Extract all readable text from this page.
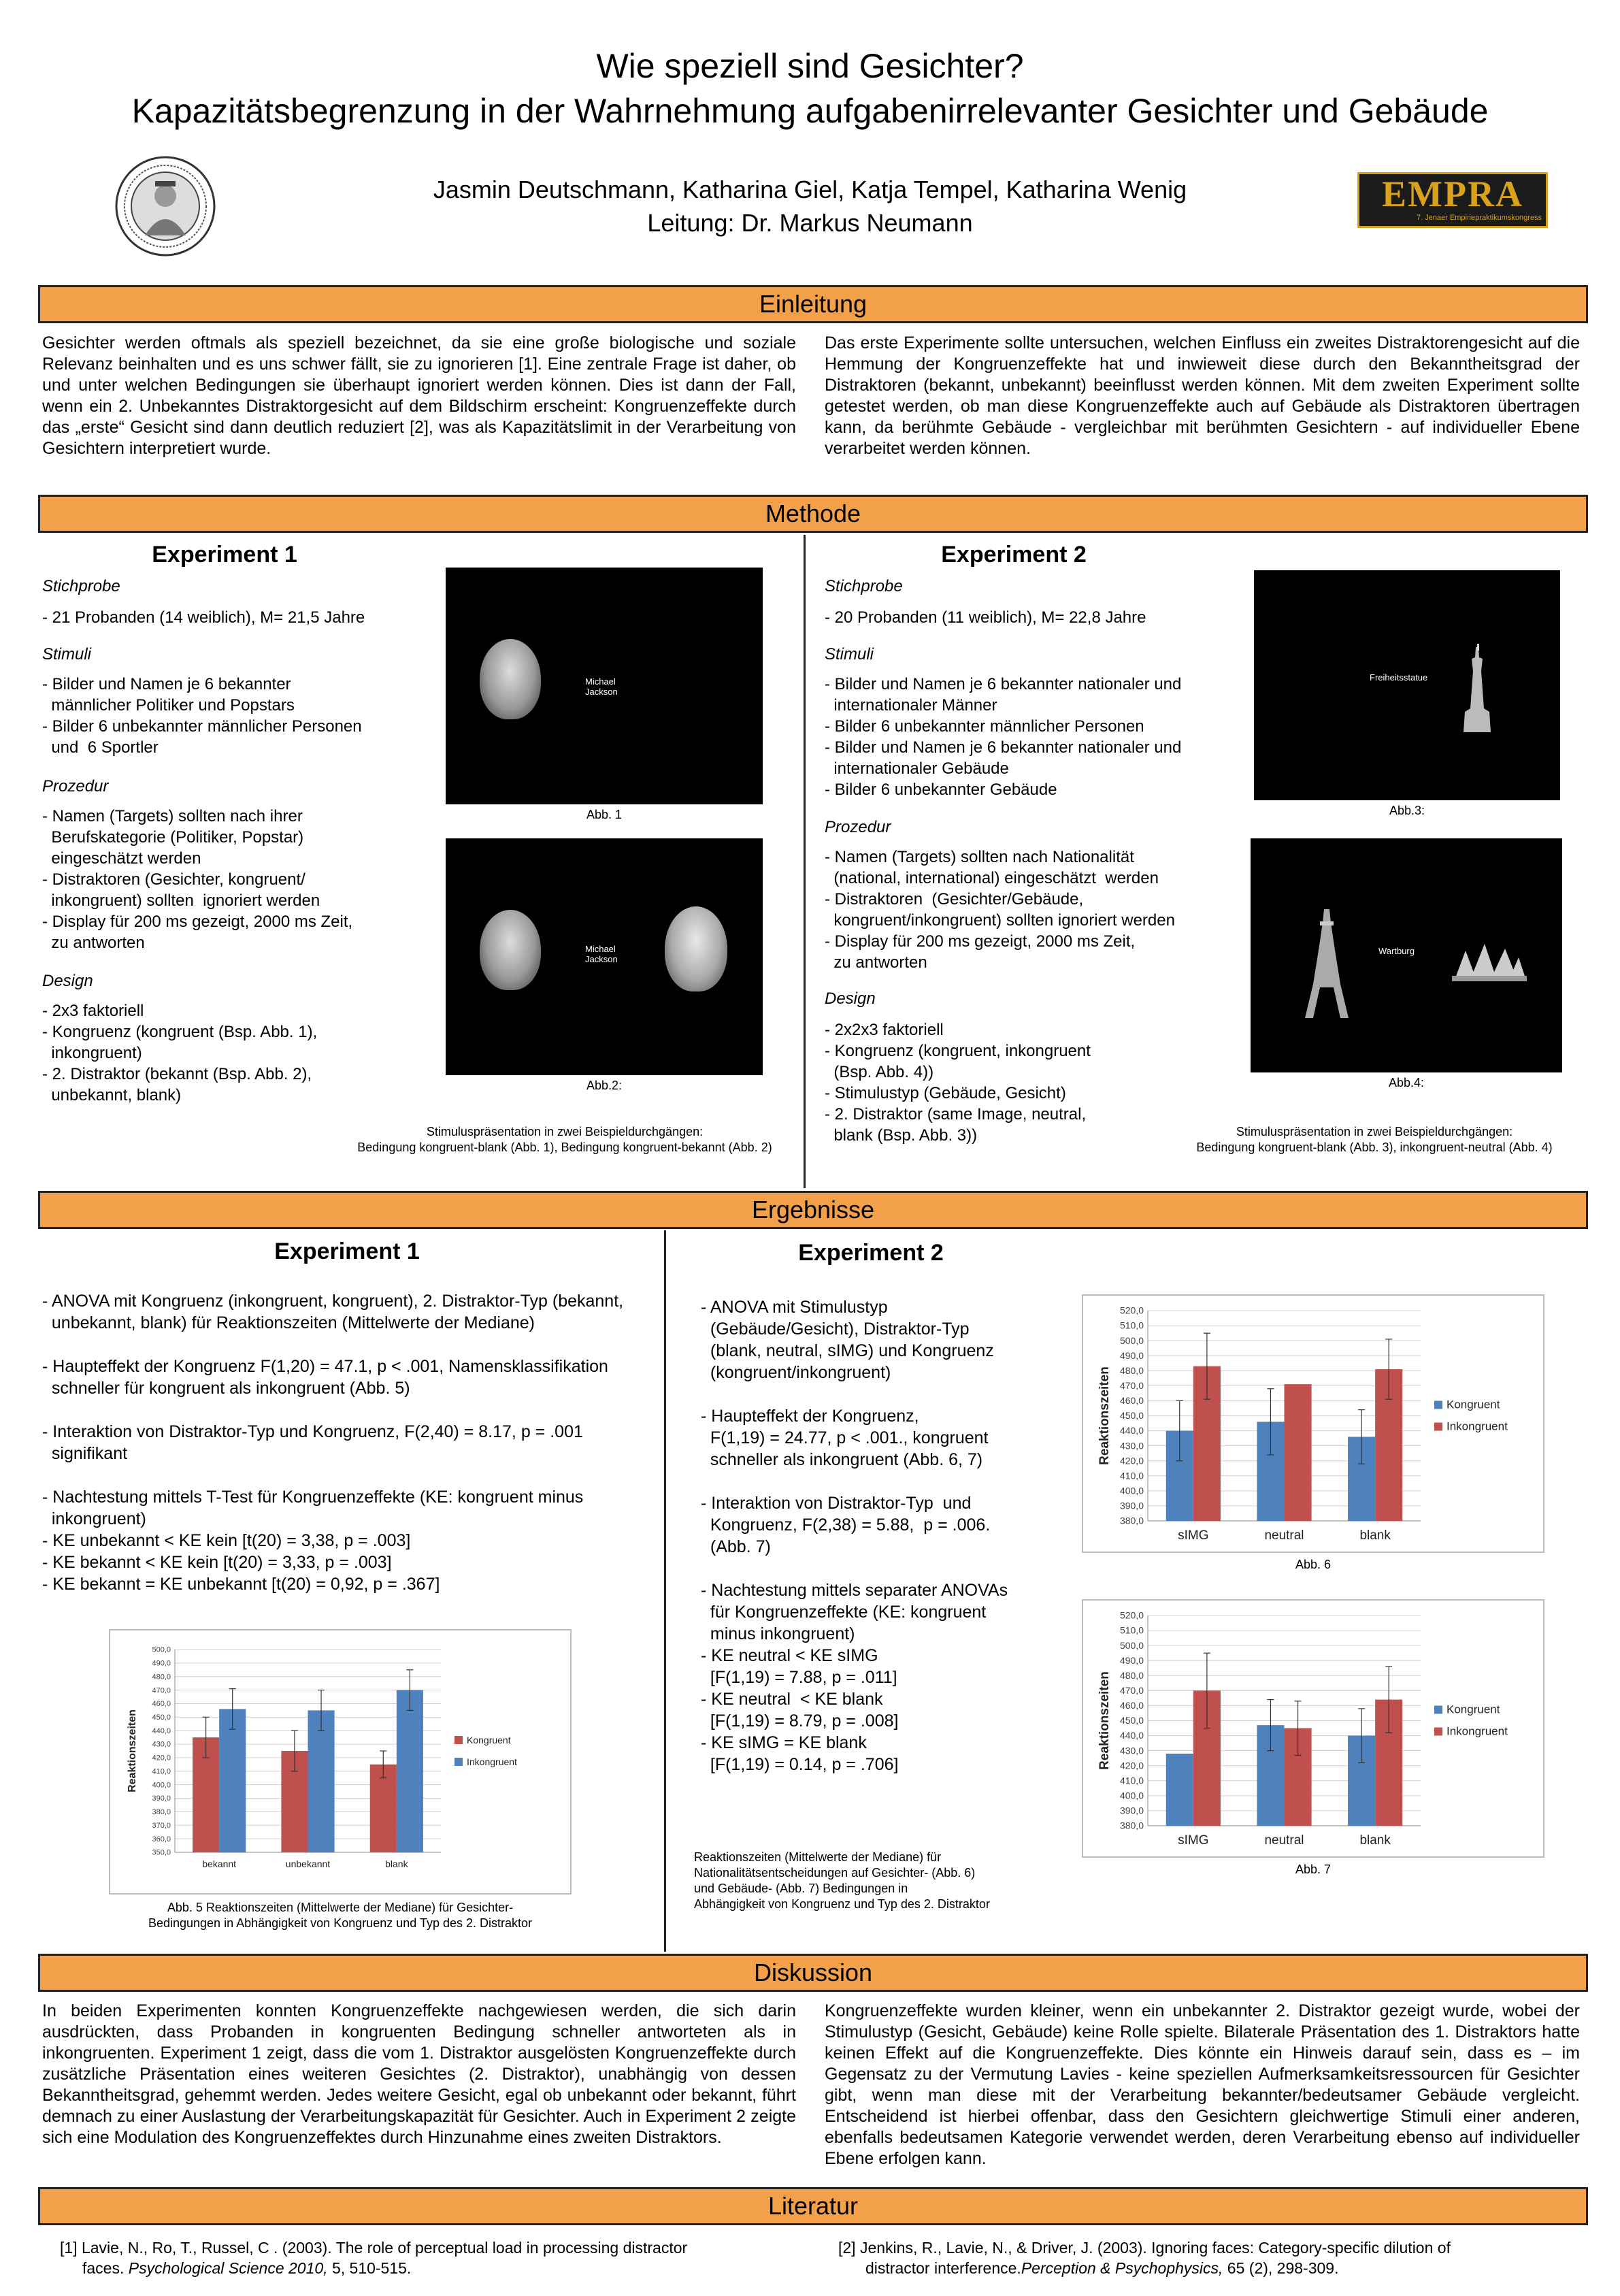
Wie speziell sind Gesichter?
Kapazitätsbegrenzung in der Wahrnehmung aufgabenirrelevanter Gesichter und Gebäude
Jasmin Deutschmann, Katharina Giel, Katja Tempel, Katharina Wenig
Leitung: Dr. Markus Neumann
EMPRA
7. Jenaer Empiriepraktikumskongress
Einleitung
Gesichter werden oftmals als speziell bezeichnet, da sie eine große biologische und soziale Relevanz beinhalten und es uns schwer fällt, sie zu ignorieren [1]. Eine zentrale Frage ist daher, ob und unter welchen Bedingungen sie überhaupt ignoriert werden können. Dies ist dann der Fall, wenn ein 2. Unbekanntes Distraktorgesicht auf dem Bildschirm erscheint: Kongruenzeffekte durch das „erste“ Gesicht sind dann deutlich reduziert [2], was als Kapazitätslimit in der Verarbeitung von Gesichtern interpretiert wurde.
Das erste Experimente sollte untersuchen, welchen Einfluss ein zweites Distraktorengesicht auf die Hemmung der Kongruenzeffekte hat und inwieweit diese durch den Bekanntheitsgrad der Distraktoren (bekannt, unbekannt) beeinflusst werden können. Mit dem zweiten Experiment sollte getestet werden, ob man diese Kongruenzeffekte auch auf Gebäude als Distraktoren übertragen kann, da berühmte Gebäude - vergleichbar mit berühmten Gesichtern - auf individueller Ebene verarbeitet werden können.
Methode
Experiment 1
Stichprobe
- 21 Probanden (14 weiblich), M= 21,5 Jahre
Stimuli
- Bilder und Namen je 6 bekannter
männlicher Politiker und Popstars
- Bilder 6 unbekannter männlicher Personen
und  6 Sportler
Prozedur
- Namen (Targets) sollten nach ihrer
Berufskategorie (Politiker, Popstar)
eingeschätzt werden
- Distraktoren (Gesichter, kongruent/
inkongruent) sollten  ignoriert werden
- Display für 200 ms gezeigt, 2000 ms Zeit,
zu antworten
Design
- 2x3 faktoriell
- Kongruenz (kongruent (Bsp. Abb. 1),
inkongruent)
- 2. Distraktor (bekannt (Bsp. Abb. 2),
unbekannt, blank)
Michael
Jackson
Abb. 1
Michael
Jackson
Abb.2:
Stimuluspräsentation in zwei Beispieldurchgängen:
Bedingung kongruent-blank (Abb. 1), Bedingung kongruent-bekannt (Abb. 2)
Experiment 2
Stichprobe
- 20 Probanden (11 weiblich), M= 22,8 Jahre
Stimuli
- Bilder und Namen je 6 bekannter nationaler und
internationaler Männer
- Bilder 6 unbekannter männlicher Personen
- Bilder und Namen je 6 bekannter nationaler und
internationaler Gebäude
- Bilder 6 unbekannter Gebäude
Prozedur
- Namen (Targets) sollten nach Nationalität
(national, international) eingeschätzt  werden
- Distraktoren  (Gesichter/Gebäude,
kongruent/inkongruent) sollten ignoriert werden
- Display für 200 ms gezeigt, 2000 ms Zeit,
zu antworten
Design
- 2x2x3 faktoriell
- Kongruenz (kongruent, inkongruent
(Bsp. Abb. 4))
- Stimulustyp (Gebäude, Gesicht)
- 2. Distraktor (same Image, neutral,
blank (Bsp. Abb. 3))
Freiheitsstatue
Abb.3:
Wartburg
Abb.4:
Stimuluspräsentation in zwei Beispieldurchgängen:
Bedingung kongruent-blank (Abb. 3), inkongruent-neutral (Abb. 4)
Ergebnisse
Experiment 1
- ANOVA mit Kongruenz (inkongruent, kongruent), 2. Distraktor-Typ (bekannt,
unbekannt, blank) für Reaktionszeiten (Mittelwerte der Mediane)

- Haupteffekt der Kongruenz F(1,20) = 47.1, p < .001, Namensklassifikation
schneller für kongruent als inkongruent (Abb. 5)

- Interaktion von Distraktor-Typ und Kongruenz, F(2,40) = 8.17, p = .001
signifikant

- Nachtestung mittels T-Test für Kongruenzeffekte (KE: kongruent minus
inkongruent)
- KE unbekannt < KE kein [t(20) = 3,38, p = .003]
- KE bekannt < KE kein [t(20) = 3,33, p = .003]
- KE bekannt = KE unbekannt [t(20) = 0,92, p = .367]
350,0
360,0
370,0
380,0
390,0
400,0
410,0
420,0
430,0
440,0
450,0
460,0
470,0
480,0
490,0
500,0
Reaktionszeiten
bekannt	unbekannt	blank
Kongruent
Inkongruent
Abb. 5 Reaktionszeiten (Mittelwerte der Mediane) für Gesichter-
Bedingungen in Abhängigkeit von Kongruenz und Typ des 2. Distraktor
Experiment 2
- ANOVA mit Stimulustyp
(Gebäude/Gesicht), Distraktor-Typ
(blank, neutral, sIMG) und Kongruenz
(kongruent/inkongruent)

- Haupteffekt der Kongruenz,
F(1,19) = 24.77, p < .001., kongruent
schneller als inkongruent (Abb. 6, 7)

- Interaktion von Distraktor-Typ  und
Kongruenz, F(2,38) = 5.88,  p = .006.
(Abb. 7)

- Nachtestung mittels separater ANOVAs
für Kongruenzeffekte (KE: kongruent
minus inkongruent)
- KE neutral < KE sIMG
[F(1,19) = 7.88, p = .011]
- KE neutral  < KE blank
[F(1,19) = 8.79, p = .008]
- KE sIMG = KE blank
[F(1,19) = 0.14, p = .706]
Reaktionszeiten (Mittelwerte der Mediane) für
Nationalitätsentscheidungen auf Gesichter- (Abb. 6)
und Gebäude- (Abb. 7) Bedingungen in
Abhängigkeit von Kongruenz und Typ des 2. Distraktor
380,0
390,0
400,0
410,0
420,0
430,0
440,0
450,0
460,0
470,0
480,0
490,0
500,0
510,0
520,0
Reaktionszeiten
sIMG	neutral	blank
Kongruent
Inkongruent
Abb. 6
380,0
390,0
400,0
410,0
420,0
430,0
440,0
450,0
460,0
470,0
480,0
490,0
500,0
510,0
520,0
Reaktionszeiten
sIMG	neutral	blank
Kongruent
Inkongruent
Abb. 7
Diskussion
In beiden Experimenten konnten Kongruenzeffekte nachgewiesen werden, die sich darin ausdrückten, dass Probanden in kongruenten Bedingung schneller antworteten als in inkongruenten. Experiment 1 zeigt, dass die vom 1. Distraktor ausgelösten Kongruenzeffekte durch zusätzliche Präsentation eines weiteren Gesichtes (2. Distraktor), unabhängig von dessen Bekanntheitsgrad, gehemmt werden. Jedes weitere Gesicht, egal ob unbekannt oder bekannt, führt demnach zu einer Auslastung der Verarbeitungskapazität für Gesichter. Auch in Experiment 2 zeigte sich eine Modulation des Kongruenzeffektes durch Hinzunahme eines zweiten Distraktors.
Kongruenzeffekte wurden kleiner, wenn ein unbekannter 2. Distraktor gezeigt wurde, wobei der Stimulustyp (Gesicht, Gebäude) keine Rolle spielte. Bilaterale Präsentation des 1. Distraktors hatte keinen Effekt auf die Kongruenzeffekte. Dies könnte ein Hinweis darauf sein, dass es – im Gegensatz zu der Vermutung Lavies - keine speziellen Aufmerksamkeitsressourcen für Gesichter gibt, wenn man diese mit der Verarbeitung bekannter/bedeutsamer Gebäude vergleicht. Entscheidend ist hierbei offenbar, dass den Gesichtern gleichwertige Stimuli einer anderen, ebenfalls bedeutsamen Kategorie verwendet werden, deren Verarbeitung ebenso auf individueller Ebene erfolgen kann.
Literatur
[1] Lavie, N., Ro, T., Russel, C . (2003). The role of perceptual load in processing distractor
faces. Psychological Science 2010, 5, 510-515.
[2] Jenkins, R., Lavie, N., & Driver, J. (2003). Ignoring faces: Category-specific dilution of
distractor interference.Perception & Psychophysics, 65 (2), 298-309.
